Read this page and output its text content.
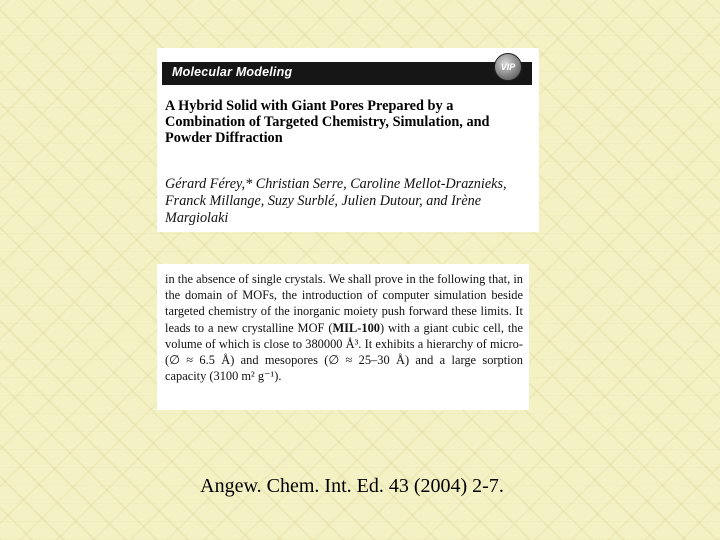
Molecular Modeling	VIP

A Hybrid Solid with Giant Pores Prepared by a Combination of Targeted Chemistry, Simulation, and Powder Diffraction

Gérard Férey,* Christian Serre, Caroline Mellot-Draznieks, Franck Millange, Suzy Surblé, Julien Dutour, and Irène Margiolaki

in the absence of single crystals. We shall prove in the following that, in the domain of MOFs, the introduction of computer simulation beside targeted chemistry of the inorganic moiety push forward these limits. It leads to a new crystalline MOF (MIL-100) with a giant cubic cell, the volume of which is close to 380000 Å³. It exhibits a hierarchy of micro- (∅ ≈ 6.5 Å) and mesopores (∅ ≈ 25–30 Å) and a large sorption capacity (3100 m² g⁻¹).

Angew. Chem. Int. Ed. 43 (2004) 2-7.
